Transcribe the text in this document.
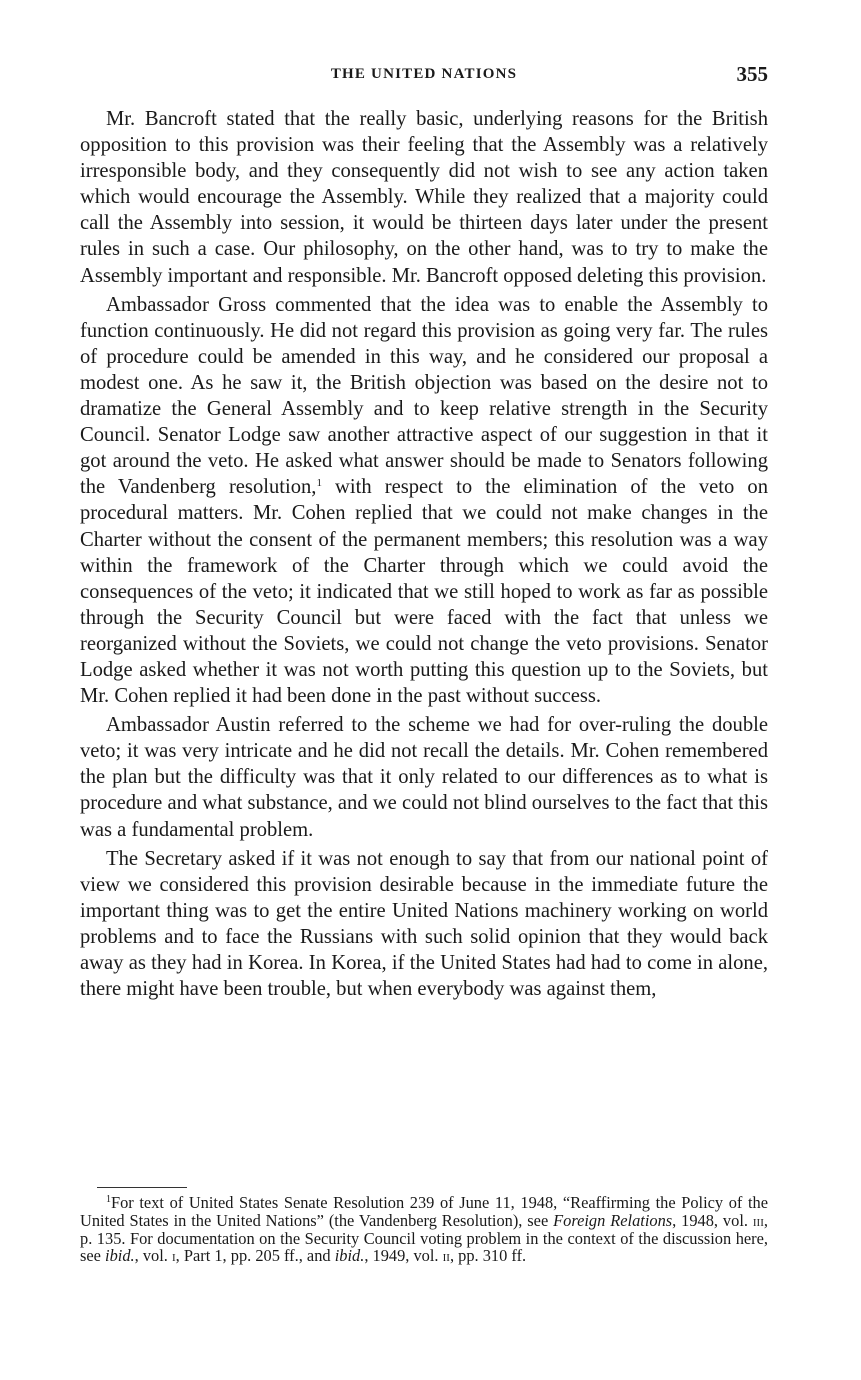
THE UNITED NATIONS	355

Mr. Bancroft stated that the really basic, underlying reasons for the British opposition to this provision was their feeling that the Assembly was a relatively irresponsible body, and they consequently did not wish to see any action taken which would encourage the Assembly. While they realized that a majority could call the Assembly into session, it would be thirteen days later under the present rules in such a case. Our philosophy, on the other hand, was to try to make the Assembly important and responsible. Mr. Bancroft opposed deleting this provision.

Ambassador Gross commented that the idea was to enable the Assembly to function continuously. He did not regard this provision as going very far. The rules of procedure could be amended in this way, and he considered our proposal a modest one. As he saw it, the British objection was based on the desire not to dramatize the General Assembly and to keep relative strength in the Security Council. Senator Lodge saw another attractive aspect of our suggestion in that it got around the veto. He asked what answer should be made to Senators following the Vandenberg resolution,$^1$ with respect to the elimination of the veto on procedural matters. Mr. Cohen replied that we could not make changes in the Charter without the consent of the permanent members; this resolution was a way within the framework of the Charter through which we could avoid the consequences of the veto; it indicated that we still hoped to work as far as possible through the Security Council but were faced with the fact that unless we reorganized without the Soviets, we could not change the veto provisions. Senator Lodge asked whether it was not worth putting this question up to the Soviets, but Mr. Cohen replied it had been done in the past without success.

Ambassador Austin referred to the scheme we had for over-ruling the double veto; it was very intricate and he did not recall the details. Mr. Cohen remembered the plan but the difficulty was that it only related to our differences as to what is procedure and what substance, and we could not blind ourselves to the fact that this was a fundamental problem.

The Secretary asked if it was not enough to say that from our national point of view we considered this provision desirable because in the immediate future the important thing was to get the entire United Nations machinery working on world problems and to face the Russians with such solid opinion that they would back away as they had in Korea. In Korea, if the United States had had to come in alone, there might have been trouble, but when everybody was against them,

$^1$For text of United States Senate Resolution 239 of June 11, 1948, “Reaffirming the Policy of the United States in the United Nations” (the Vandenberg Resolution), see Foreign Relations, 1948, vol. iii, p. 135. For documentation on the Security Council voting problem in the context of the discussion here, see ibid., vol. i, Part 1, pp. 205 ff., and ibid., 1949, vol. ii, pp. 310 ff.
